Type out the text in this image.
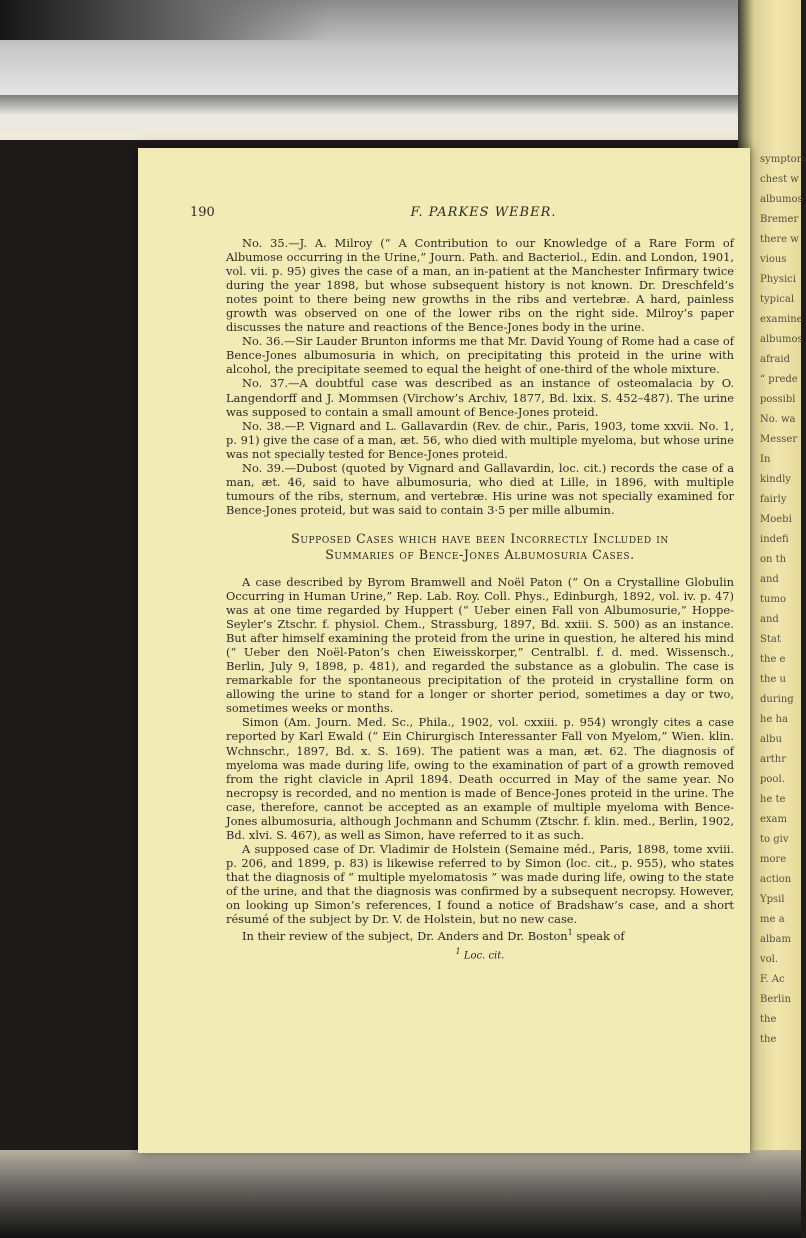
symptom
chest w
albumos
Bremer
there w
vious
Physici
typical
examine
albumos
afraid
“ prede
possibl
No. wa
Messer
In
kindly
fairly
Moebi
indefi
on th
and
tumo
and
Stat
the e
the u
during
he ha
albu
arthr
pool.
he te
exam
to giv
more
action
Ypsil
me a
albam
vol.
F. Ac
Berlin
the
the
190	F. PARKES WEBER.

No. 35.—J. A. Milroy (“ A Contribution to our Knowledge of a Rare Form of Albumose occurring in the Urine,” Journ. Path. and Bacteriol., Edin. and London, 1901, vol. vii. p. 95) gives the case of a man, an in-patient at the Manchester Infirmary twice during the year 1898, but whose subsequent history is not known. Dr. Dreschfeld’s notes point to there being new growths in the ribs and vertebræ. A hard, painless growth was observed on one of the lower ribs on the right side. Milroy’s paper discusses the nature and reactions of the Bence-Jones body in the urine.

No. 36.—Sir Lauder Brunton informs me that Mr. David Young of Rome had a case of Bence-Jones albumosuria in which, on precipitating this proteid in the urine with alcohol, the precipitate seemed to equal the height of one-third of the whole mixture.

No. 37.—A doubtful case was described as an instance of osteomalacia by O. Langendorff and J. Mommsen (Virchow’s Archiv, 1877, Bd. lxix. S. 452–487). The urine was supposed to contain a small amount of Bence-Jones proteid.

No. 38.—P. Vignard and L. Gallavardin (Rev. de chir., Paris, 1903, tome xxvii. No. 1, p. 91) give the case of a man, æt. 56, who died with multiple myeloma, but whose urine was not specially tested for Bence-Jones proteid.

No. 39.—Dubost (quoted by Vignard and Gallavardin, loc. cit.) records the case of a man, æt. 46, said to have albumosuria, who died at Lille, in 1896, with multiple tumours of the ribs, sternum, and vertebræ. His urine was not specially examined for Bence-Jones proteid, but was said to contain 3·5 per mille albumin.

Supposed Cases which have been Incorrectly Included in
Summaries of Bence-Jones Albumosuria Cases.

A case described by Byrom Bramwell and Noël Paton (“ On a Crystalline Globulin Occurring in Human Urine,” Rep. Lab. Roy. Coll. Phys., Edinburgh, 1892, vol. iv. p. 47) was at one time regarded by Huppert (“ Ueber einen Fall von Albumosurie,” Hoppe-Seyler’s Ztschr. f. physiol. Chem., Strassburg, 1897, Bd. xxiii. S. 500) as an instance. But after himself examining the proteid from the urine in question, he altered his mind (“ Ueber den Noël-Paton’s chen Eiweisskorper,” Centralbl. f. d. med. Wissensch., Berlin, July 9, 1898, p. 481), and regarded the substance as a globulin. The case is remarkable for the spontaneous precipitation of the proteid in crystalline form on allowing the urine to stand for a longer or shorter period, sometimes a day or two, sometimes weeks or months.

Simon (Am. Journ. Med. Sc., Phila., 1902, vol. cxxiii. p. 954) wrongly cites a case reported by Karl Ewald (“ Ein Chirurgisch Interessanter Fall von Myelom,” Wien. klin. Wchnschr., 1897, Bd. x. S. 169). The patient was a man, æt. 62. The diagnosis of myeloma was made during life, owing to the examination of part of a growth removed from the right clavicle in April 1894. Death occurred in May of the same year. No necropsy is recorded, and no mention is made of Bence-Jones proteid in the urine. The case, therefore, cannot be accepted as an example of multiple myeloma with Bence-Jones albumosuria, although Jochmann and Schumm (Ztschr. f. klin. med., Berlin, 1902, Bd. xlvi. S. 467), as well as Simon, have referred to it as such.

A supposed case of Dr. Vladimir de Holstein (Semaine méd., Paris, 1898, tome xviii. p. 206, and 1899, p. 83) is likewise referred to by Simon (loc. cit., p. 955), who states that the diagnosis of “ multiple myelomatosis ” was made during life, owing to the state of the urine, and that the diagnosis was confirmed by a subsequent necropsy. However, on looking up Simon’s references, I found a notice of Bradshaw’s case, and a short résumé of the subject by Dr. V. de Holstein, but no new case.

In their review of the subject, Dr. Anders and Dr. Boston$^1$ speak of

$^1$ Loc. cit.
